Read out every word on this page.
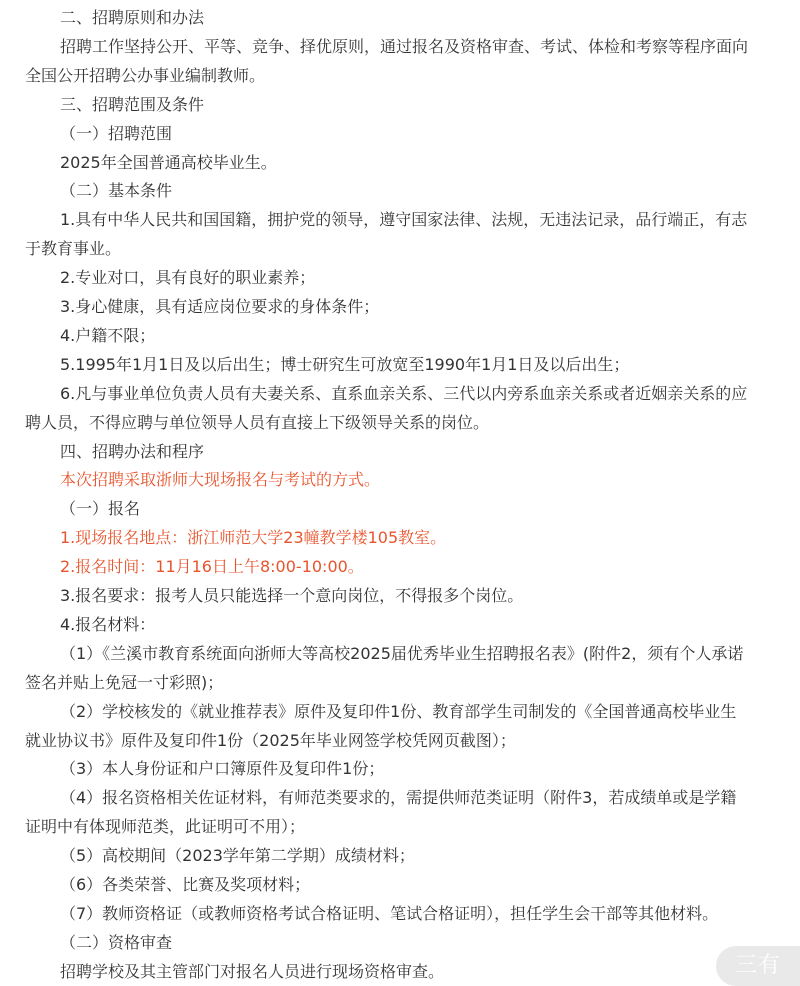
二、招聘原则和办法
招聘工作坚持公开、平等、竞争、择优原则，通过报名及资格审查、考试、体检和考察等程序面向
全国公开招聘公办事业编制教师。
三、招聘范围及条件
（一）招聘范围
2025年全国普通高校毕业生。
（二）基本条件
1.具有中华人民共和国国籍，拥护党的领导，遵守国家法律、法规，无违法记录，品行端正，有志
于教育事业。
2.专业对口，具有良好的职业素养；
3.身心健康，具有适应岗位要求的身体条件；
4.户籍不限；
5.1995年1月1日及以后出生；博士研究生可放宽至1990年1月1日及以后出生；
6.凡与事业单位负责人员有夫妻关系、直系血亲关系、三代以内旁系血亲关系或者近姻亲关系的应
聘人员，不得应聘与单位领导人员有直接上下级领导关系的岗位。
四、招聘办法和程序
本次招聘采取浙师大现场报名与考试的方式。
（一）报名
1.现场报名地点：浙江师范大学23幢教学楼105教室。
2.报名时间：11月16日上午8:00-10:00。
3.报名要求：报考人员只能选择一个意向岗位，不得报多个岗位。
4.报名材料：
（1）《兰溪市教育系统面向浙师大等高校2025届优秀毕业生招聘报名表》(附件2，须有个人承诺
签名并贴上免冠一寸彩照)；
（2）学校核发的《就业推荐表》原件及复印件1份、教育部学生司制发的《全国普通高校毕业生
就业协议书》原件及复印件1份（2025年毕业网签学校凭网页截图）；
（3）本人身份证和户口簿原件及复印件1份；
（4）报名资格相关佐证材料，有师范类要求的，需提供师范类证明（附件3，若成绩单或是学籍
证明中有体现师范类，此证明可不用）；
（5）高校期间（2023学年第二学期）成绩材料；
（6）各类荣誉、比赛及奖项材料；
（7）教师资格证（或教师资格考试合格证明、笔试合格证明），担任学生会干部等其他材料。
（二）资格审查
招聘学校及其主管部门对报名人员进行现场资格审查。	三有
